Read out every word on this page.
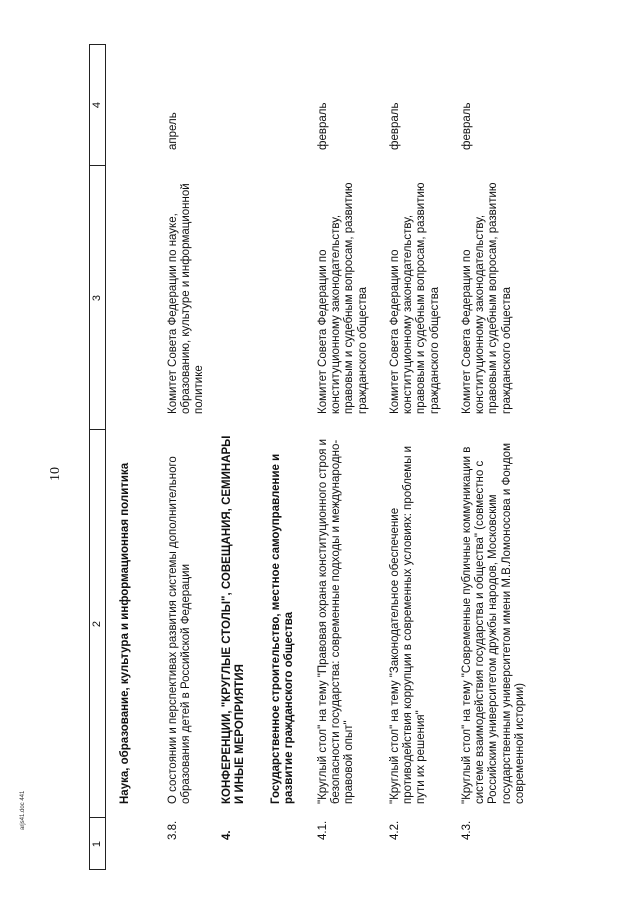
10
1
2
3
4
Наука, образование, культура и информационная политика
3.8.
О состоянии и перспективах развития системы дополнительного образования детей в Российской Федерации
Комитет Совета Федерации по науке, образованию, культуре и информационной политике
апрель
4.
КОНФЕРЕНЦИИ, "КРУГЛЫЕ СТОЛЫ", СОВЕЩАНИЯ, СЕМИНАРЫ И ИНЫЕ МЕРОПРИЯТИЯ Государственное строительство, местное самоуправление и развитие гражданского общества
4.1.
"Круглый стол" на тему "Правовая охрана конституционного строя и безопасности государства: современные подходы и международно-правовой опыт"
Комитет Совета Федерации по конституционному законодательству, правовым и судебным вопросам, развитию гражданского общества
февраль
4.2.
"Круглый стол" на тему "Законодательное обеспечение противодействия коррупции в современных условиях: проблемы и пути их решения"
Комитет Совета Федерации по конституционному законодательству, правовым и судебным вопросам, развитию гражданского общества
февраль
4.3.
"Круглый стол" на тему "Современные публичные коммуникации в системе взаимодействия государства и общества" (совместно с Российским университетом дружбы народов, Московским государственным университетом имени М.В.Ломоносова и Фондом современной истории)
Комитет Совета Федерации по конституционному законодательству, правовым и судебным вопросам, развитию гражданского общества
февраль
arjs41.doc 441
